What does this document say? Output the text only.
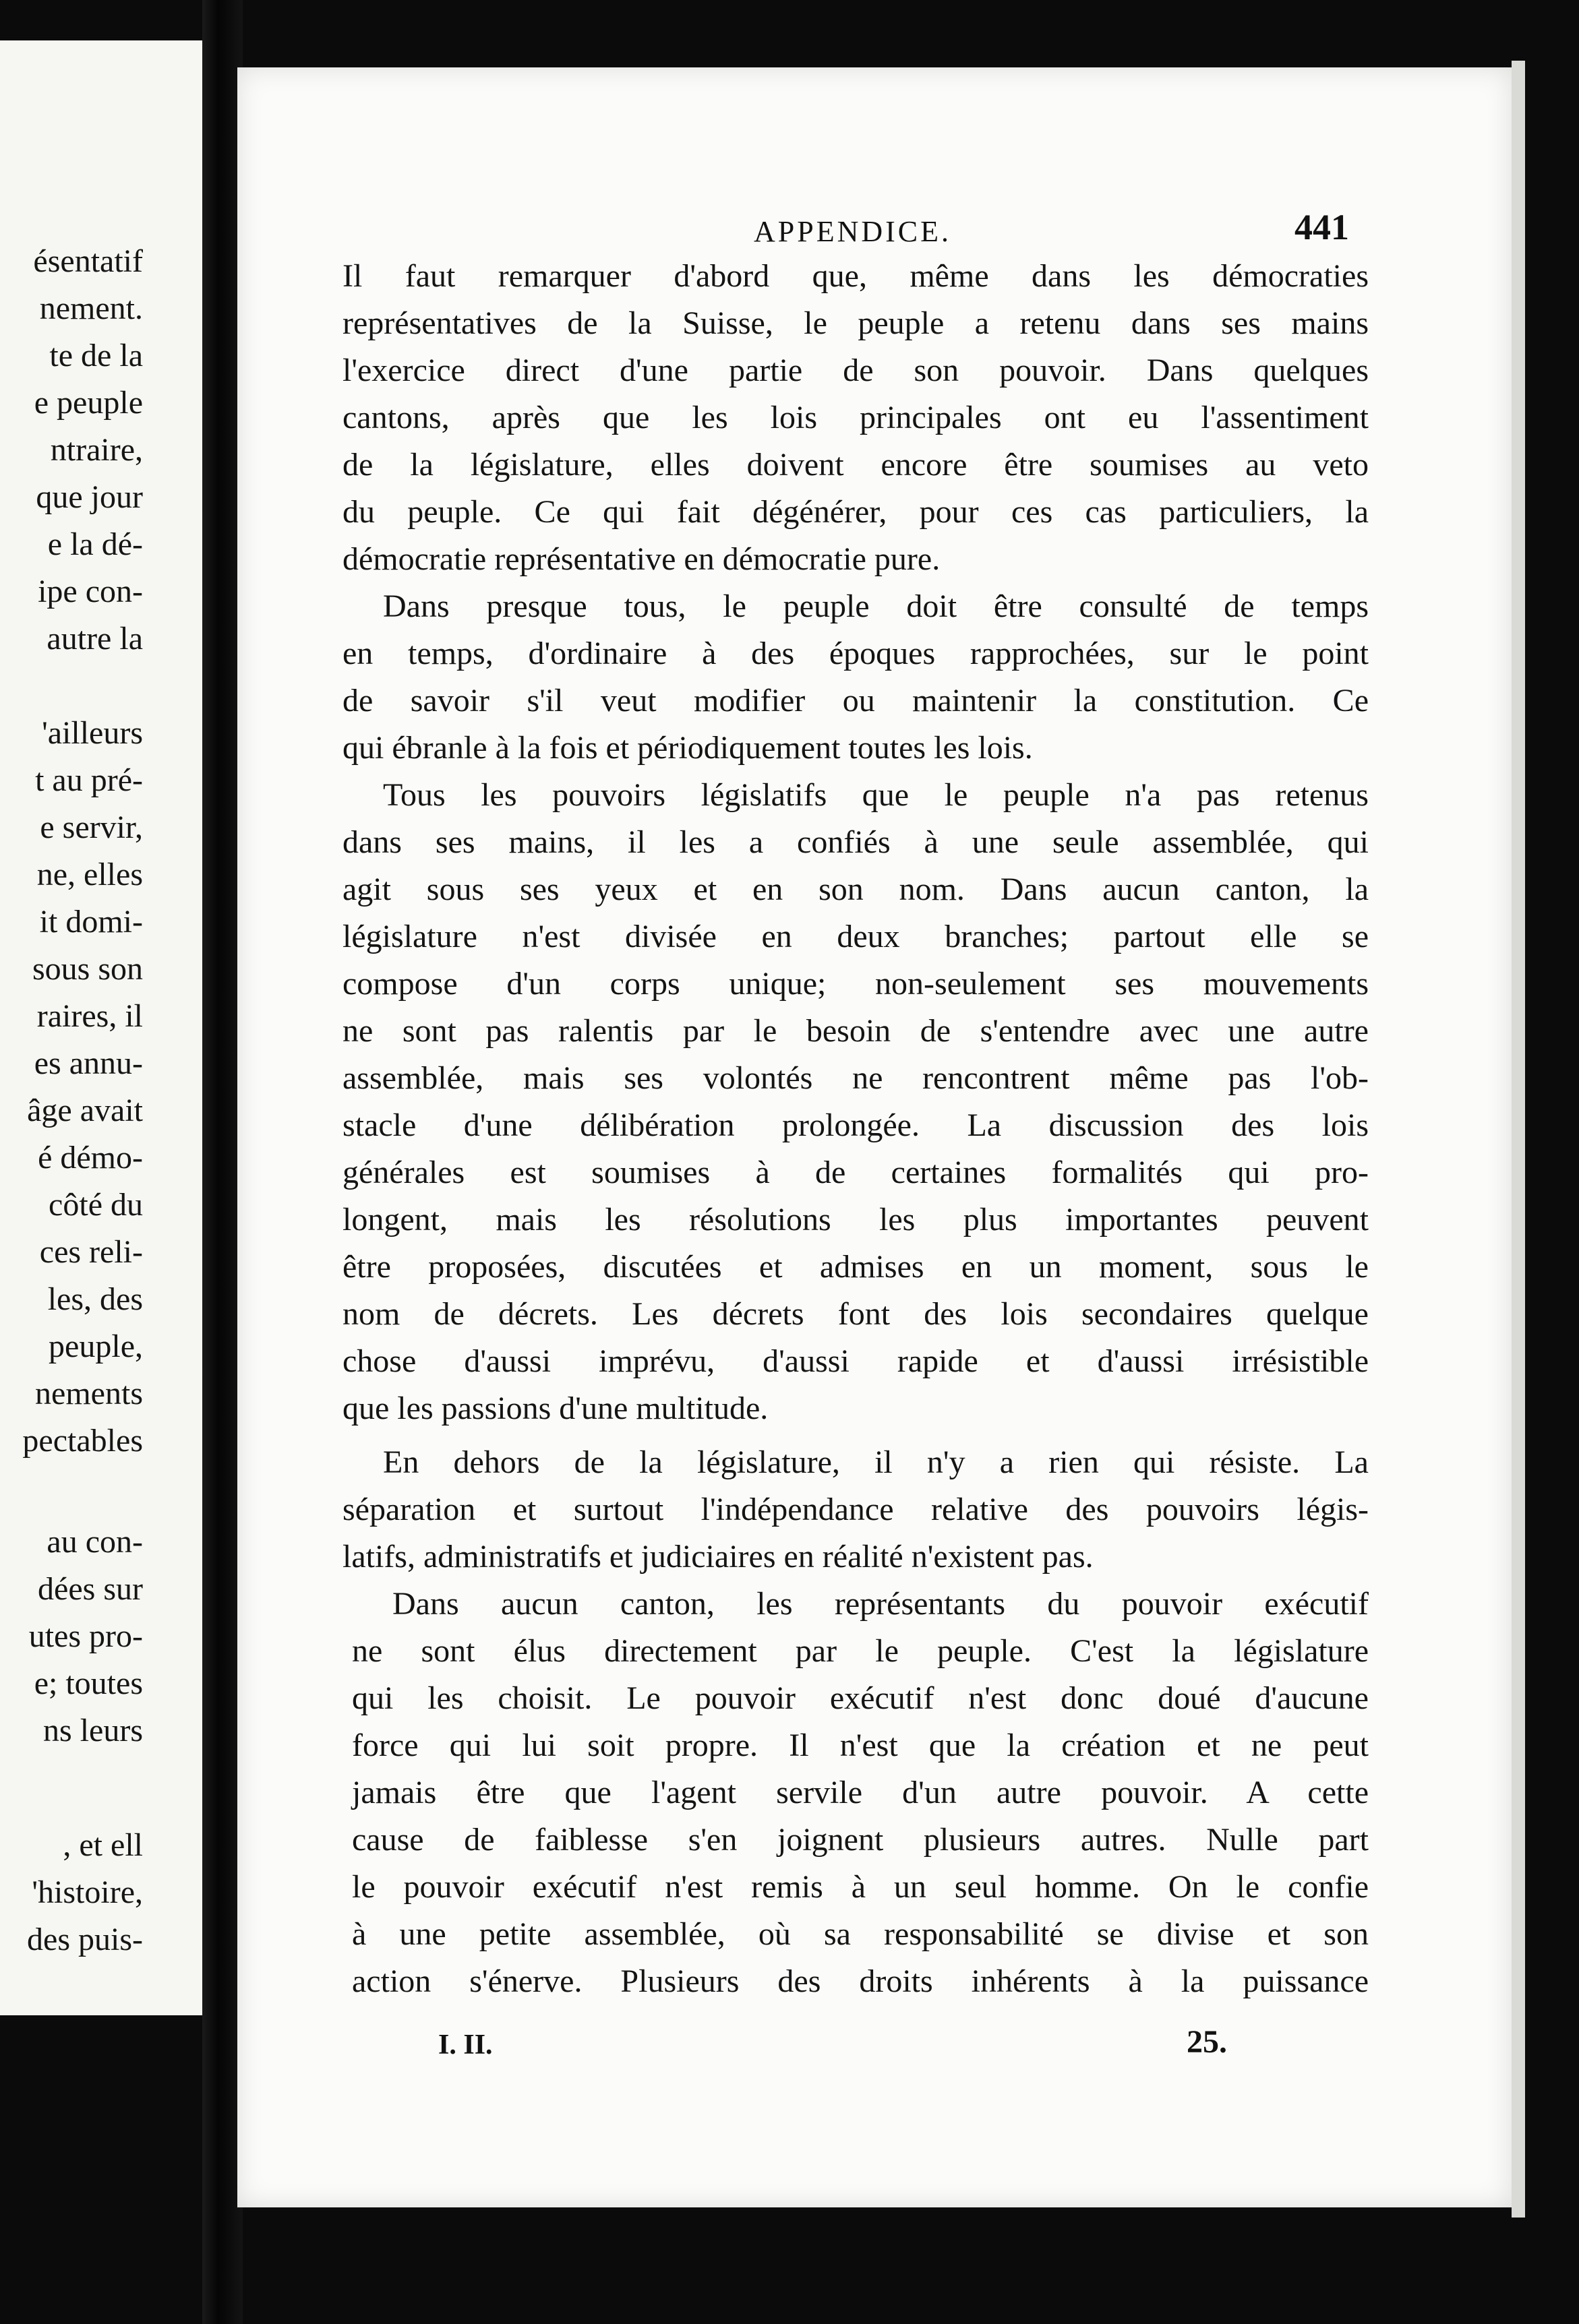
ésentatif
nement.
te de la
e peuple
ntraire,
que jour
e la dé-
ipe con-
autre la
'ailleurs
t au pré-
e servir,
ne, elles
it domi-
sous son
raires, il
es annu-
âge avait
é démo-
côté du
ces reli-
les, des
peuple,
nements
pectables
au con-
dées sur
utes pro-
e; toutes
ns leurs
, et ell
'histoire,
des puis-
APPENDICE.	441
Il faut remarquer d'abord que, même dans les démocraties
représentatives de la Suisse, le peuple a retenu dans ses mains
l'exercice direct d'une partie de son pouvoir. Dans quelques
cantons, après que les lois principales ont eu l'assentiment
de la législature, elles doivent encore être soumises au veto
du peuple. Ce qui fait dégénérer, pour ces cas particuliers, la
démocratie représentative en démocratie pure.
Dans presque tous, le peuple doit être consulté de temps
en temps, d'ordinaire à des époques rapprochées, sur le point
de savoir s'il veut modifier ou maintenir la constitution. Ce
qui ébranle à la fois et périodiquement toutes les lois.
Tous les pouvoirs législatifs que le peuple n'a pas retenus
dans ses mains, il les a confiés à une seule assemblée, qui
agit sous ses yeux et en son nom. Dans aucun canton, la
législature n'est divisée en deux branches; partout elle se
compose d'un corps unique; non-seulement ses mouvements
ne sont pas ralentis par le besoin de s'entendre avec une autre
assemblée, mais ses volontés ne rencontrent même pas l'ob-
stacle d'une délibération prolongée. La discussion des lois
générales est soumises à de certaines formalités qui pro-
longent, mais les résolutions les plus importantes peuvent
être proposées, discutées et admises en un moment, sous le
nom de décrets. Les décrets font des lois secondaires quelque
chose d'aussi imprévu, d'aussi rapide et d'aussi irrésistible
que les passions d'une multitude.
En dehors de la législature, il n'y a rien qui résiste. La
séparation et surtout l'indépendance relative des pouvoirs légis-
latifs, administratifs et judiciaires en réalité n'existent pas.
Dans aucun canton, les représentants du pouvoir exécutif
ne sont élus directement par le peuple. C'est la législature
qui les choisit. Le pouvoir exécutif n'est donc doué d'aucune
force qui lui soit propre. Il n'est que la création et ne peut
jamais être que l'agent servile d'un autre pouvoir. A cette
cause de faiblesse s'en joignent plusieurs autres. Nulle part
le pouvoir exécutif n'est remis à un seul homme. On le confie
à une petite assemblée, où sa responsabilité se divise et son
action s'énerve. Plusieurs des droits inhérents à la puissance
I. II.	25.
